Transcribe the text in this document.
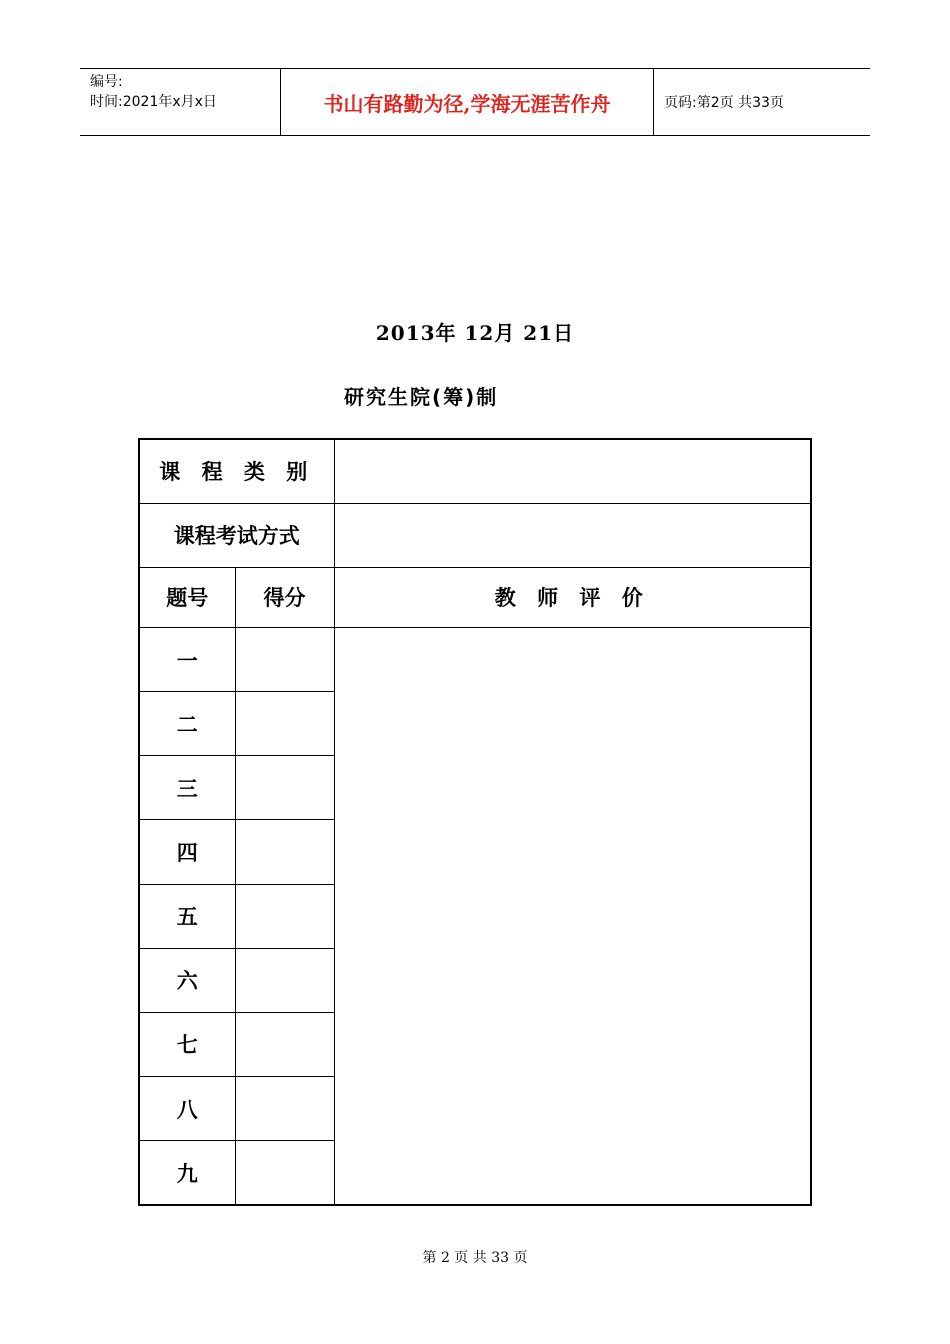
编号:
时间:2021年x月x日	书山有路勤为径,学海无涯苦作舟	页码:第2页 共33页
2013年 12月 21日
研究生院(筹)制
课 程 类 别		
课程考试方式		
题号	得分	教 师 评 价
一		
二		
三		
四		
五		
六		
七		
八		
九		
第 2 页 共 33 页
